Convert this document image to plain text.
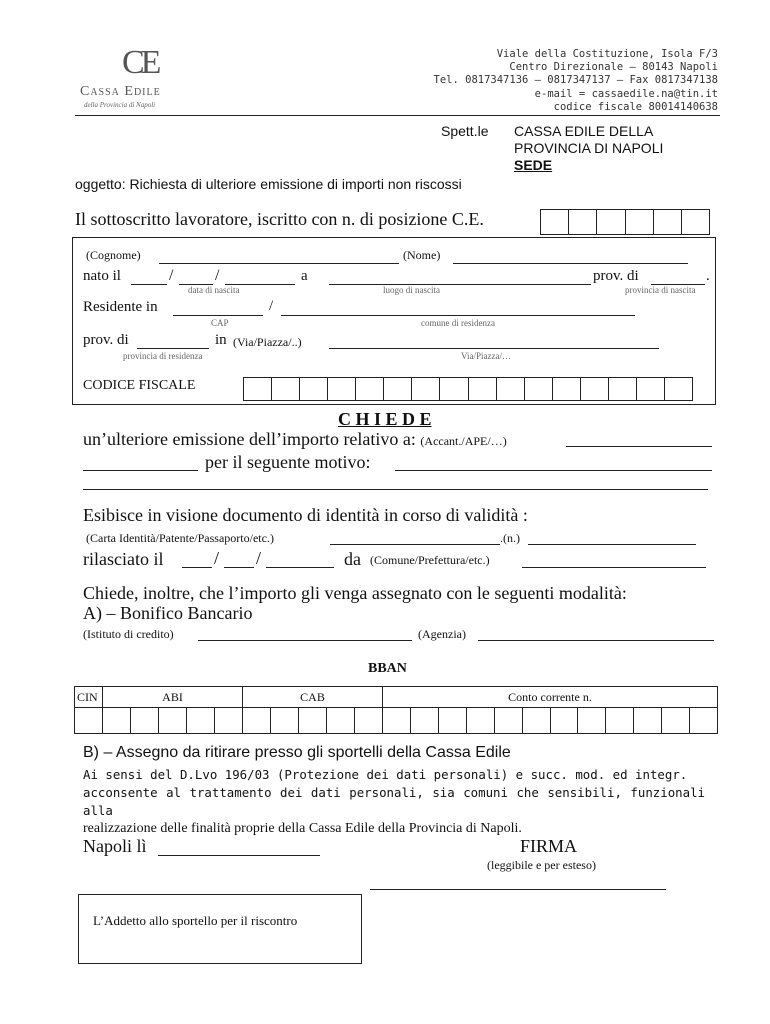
CE
Cassa Edile
della Provincia di Napoli
Viale della Costituzione, Isola F/3
Centro Direzionale – 80143 Napoli
Tel. 0817347136 – 0817347137 – Fax 0817347138
e-mail = cassaedile.na@tin.it
codice fiscale 80014140638
Spett.le CASSA EDILE DELLA
PROVINCIA DI NAPOLI
SEDE
oggetto: Richiesta di ulteriore emissione di importi non riscossi
Il sottoscritto lavoratore, iscritto con n. di posizione C.E.
(Cognome)	(Nome)
nato il	/	/	a	prov. di	.
data di nascita	luogo di nascita	provincia di nascita
Residente in	/
CAP	comune di residenza
prov. di	in (Via/Piazza/..)
provincia di residenza	Via/Piazza/…
CODICE FISCALE
C H I E D E
un’ulteriore emissione dell’importo relativo a: (Accant./APE/…)
per il seguente motivo:
Esibisce in visione documento di identità in corso di validità :
(Carta Identità/Patente/Passaporto/etc.)	.(n.)
rilasciato il	/ /	da (Comune/Prefettura/etc.)
Chiede, inoltre, che l’importo gli venga assegnato con le seguenti modalità:
A) – Bonifico Bancario
(Istituto di credito)	(Agenzia)
BBAN
CIN	ABI	CAB	Conto corrente n.
B) – Assegno da ritirare presso gli sportelli della Cassa Edile
Ai sensi del D.Lvo 196/03 (Protezione dei dati personali) e succ. mod. ed integr.
acconsente al trattamento dei dati personali, sia comuni che sensibili, funzionali alla
realizzazione delle finalità proprie della Cassa Edile della Provincia di Napoli.
Napoli lì	FIRMA
(leggibile e per esteso)
L’Addetto allo sportello per il riscontro
